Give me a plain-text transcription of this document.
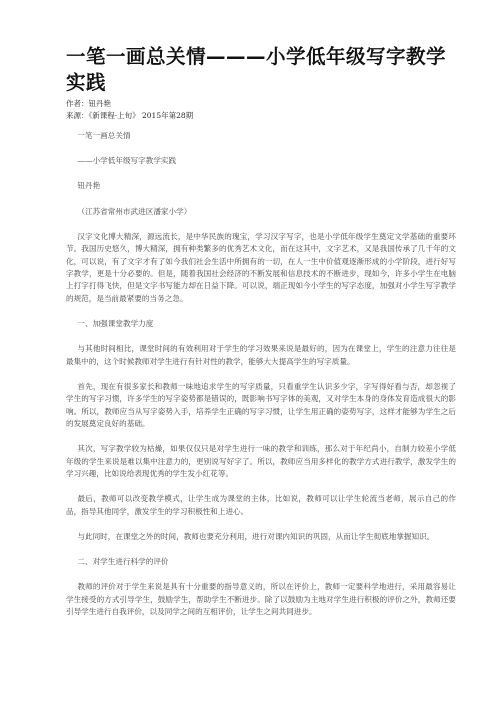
一笔一画总关情———小学低年级写字教学实践
作者：钮丹艳
来源：《新课程·上旬》 2015年第28期

一笔一画总关情

——小学低年级写字教学实践

钮丹艳

（江苏省常州市武进区潘家小学）

汉字文化博大精深，源远流长，是中华民族的瑰宝，学习汉字写字，也是小学低年级学生奠定文学基础的重要环节。我国历史悠久，博大精深，拥有种类繁多的优秀艺术文化，而在这其中，文字艺术，又是我国传承了几千年的文化，可以说，有了文字才有了如今我们社会生活中所拥有的一切，在人一生中价值观逐渐形成的小学阶段，进行好写字教学，更是十分必要的。但是，随着我国社会经济的不断发展和信息技术的不断进步，现如今，许多小学生在电脑上打字打得飞快，但是文字书写能力却在日益下降。可以说，端正现如今小学生的写字态度，加强对小学生写字教学的规范，是当前最紧要的当务之急。

一、加强课堂教学力度

与其他时间相比，课堂时间的有效利用对于学生的学习效果来说是最好的，因为在课堂上，学生的注意力往往是最集中的，这个时候教师对学生进行有针对性的教学，能够大大提高学生的写字质量。

首先，现在有很多家长和教师一味地追求学生的写字质量，只看重学生认识多少字，字写得好看与否，却忽视了学生的写字习惯，许多学生的写字姿势都是错误的，既影响书写字体的美观，又对学生本身的身体发育造成很大的影响。所以，教师应当从写字姿势入手，培养学生正确的写字习惯，让学生用正确的姿势写字，这样才能够为学生之后的发展奠定良好的基础。

其次，写字教学较为枯燥，如果仅仅只是对学生进行一味的教学和训练，那么对于年纪尚小，自制力较差小学低年级的学生来说是难以集中注意力的，更别说写好字了。所以，教师应当用多样化的教学方式进行教学，激发学生的学习兴趣，比如说给表现优秀的学生发小红花等。

最后，教师可以改变教学模式，让学生成为课堂的主体，比如说，教师可以让学生轮流当老师，展示自己的作品，指导其他同学，激发学生的学习积极性和上进心。

与此同时，在课堂之外的时间，教师也要充分利用，进行对课内知识的巩固，从而让学生彻底地掌握知识。

二、对学生进行科学的评价

教师的评价对于学生来说是具有十分重要的指导意义的，所以在评价上，教师一定要科学地进行，采用最容易让学生接受的方式引导学生，鼓励学生，帮助学生不断进步。除了以鼓励为主地对学生进行积极的评价之外，教师还要引导学生进行自我评价，以及同学之间的互相评价，让学生之间共同进步。
